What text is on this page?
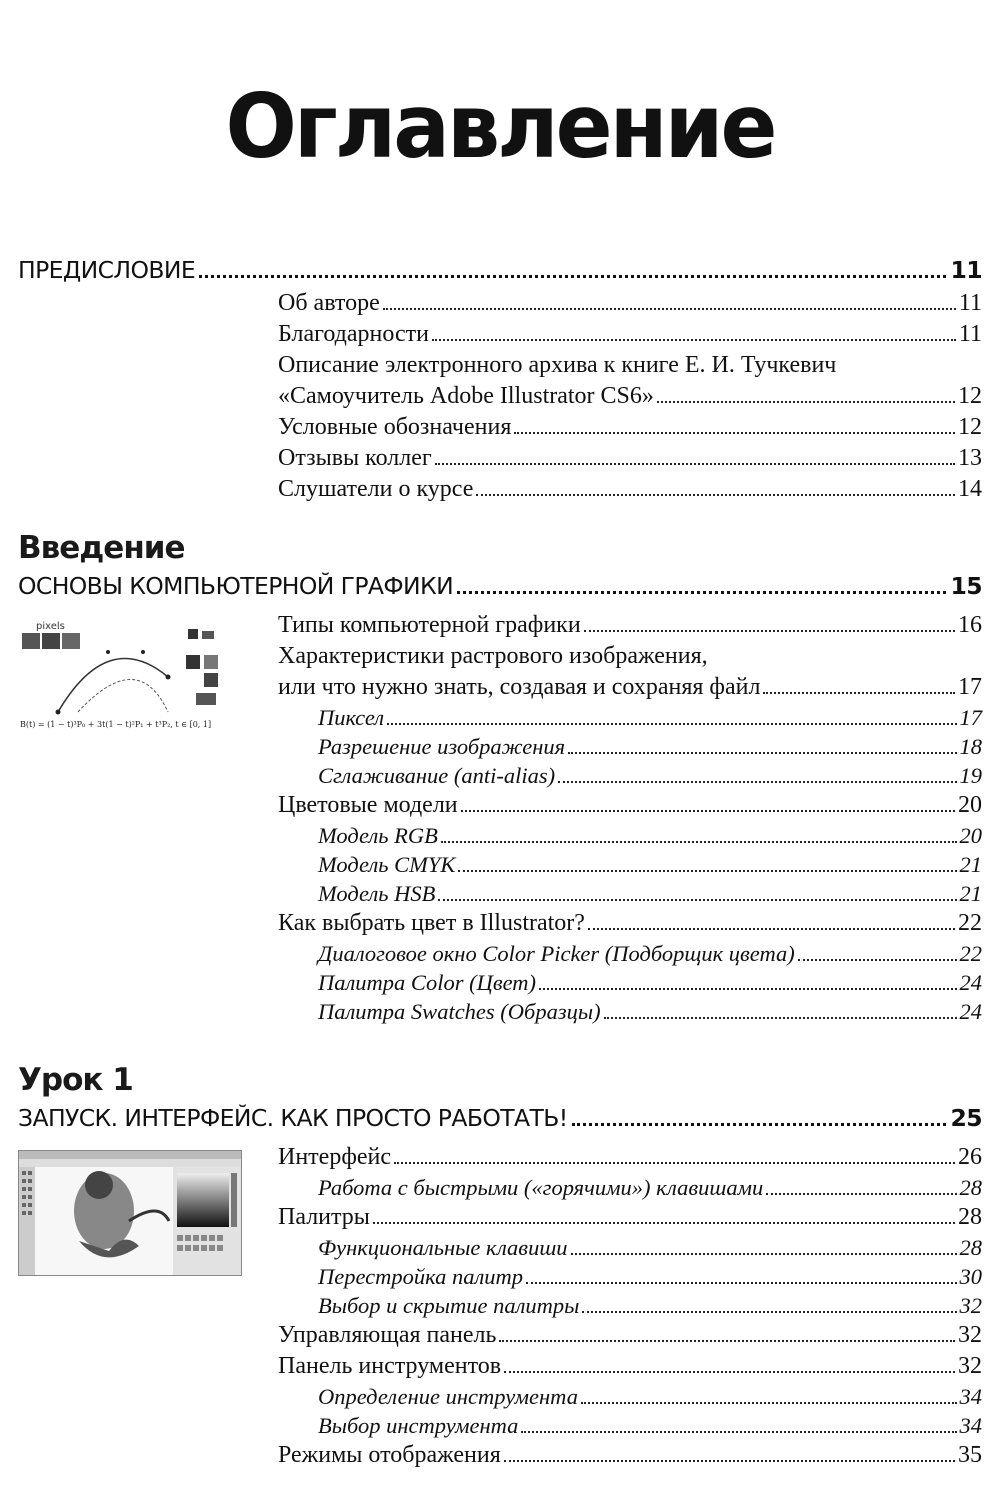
Оглавление
ПРЕДИСЛОВИЕ	11
Об авторе	11
Благодарности	11
Описание электронного архива к книге Е. И. Тучкевич
«Самоучитель Adobe Illustrator CS6»	12
Условные обозначения	12
Отзывы коллег	13
Слушатели о курсе	14
Введение
ОСНОВЫ КОМПЬЮТЕРНОЙ ГРАФИКИ	15
pixels
B(t) = (1 − t)³P₀ + 3t(1 − t)²P₁ + t³P₂, t ∈ [0, 1]
Типы компьютерной графики	16
Характеристики растрового изображения,
или что нужно знать, создавая и сохраняя файл	17
Пиксел	17
Разрешение изображения	18
Сглаживание (anti-alias)	19
Цветовые модели	20
Модель RGB	20
Модель CMYK	21
Модель HSB	21
Как выбрать цвет в Illustrator?	22
Диалоговое окно Color Picker (Подборщик цвета)	22
Палитра Color (Цвет)	24
Палитра Swatches (Образцы)	24
Урок 1
ЗАПУСК. ИНТЕРФЕЙС. КАК ПРОСТО РАБОТАТЬ!	25
Интерфейс	26
Работа с быстрыми («горячими») клавишами	28
Палитры	28
Функциональные клавиши	28
Перестройка палитр	30
Выбор и скрытие палитры	32
Управляющая панель	32
Панель инструментов	32
Определение инструмента	34
Выбор инструмента	34
Режимы отображения	35
